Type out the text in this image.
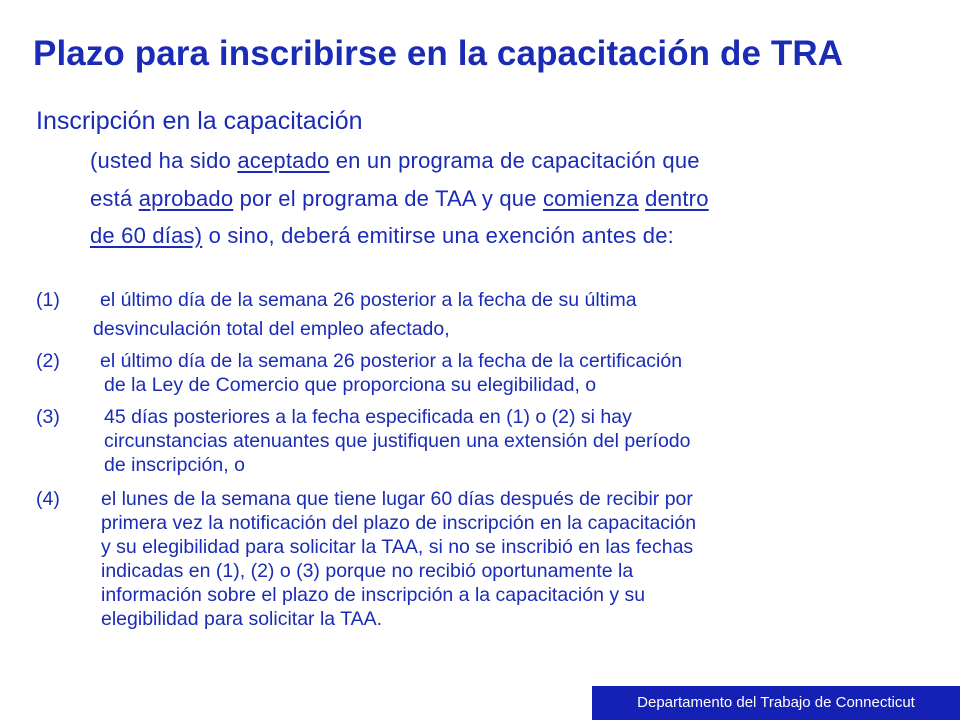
Plazo para inscribirse en la capacitación de TRA
Inscripción en la capacitación
(usted ha sido aceptado en un programa de capacitación que
está aprobado por el programa de TAA y que comienza dentro
de 60 días) o sino, deberá emitirse una exención antes de:
(1) el último día de la semana 26 posterior a la fecha de su última
desvinculación total del empleo afectado,
(2) el último día de la semana 26 posterior a la fecha de la certificación
de la Ley de Comercio que proporciona su elegibilidad, o
(3) 45 días posteriores a la fecha especificada en (1) o (2) si hay
circunstancias atenuantes que justifiquen una extensión del período
de inscripción, o
(4) el lunes de la semana que tiene lugar 60 días después de recibir por
primera vez la notificación del plazo de inscripción en la capacitación
y su elegibilidad para solicitar la TAA, si no se inscribió en las fechas
indicadas en (1), (2) o (3) porque no recibió oportunamente la
información sobre el plazo de inscripción a la capacitación y su
elegibilidad para solicitar la TAA.
Departamento del Trabajo de Connecticut
